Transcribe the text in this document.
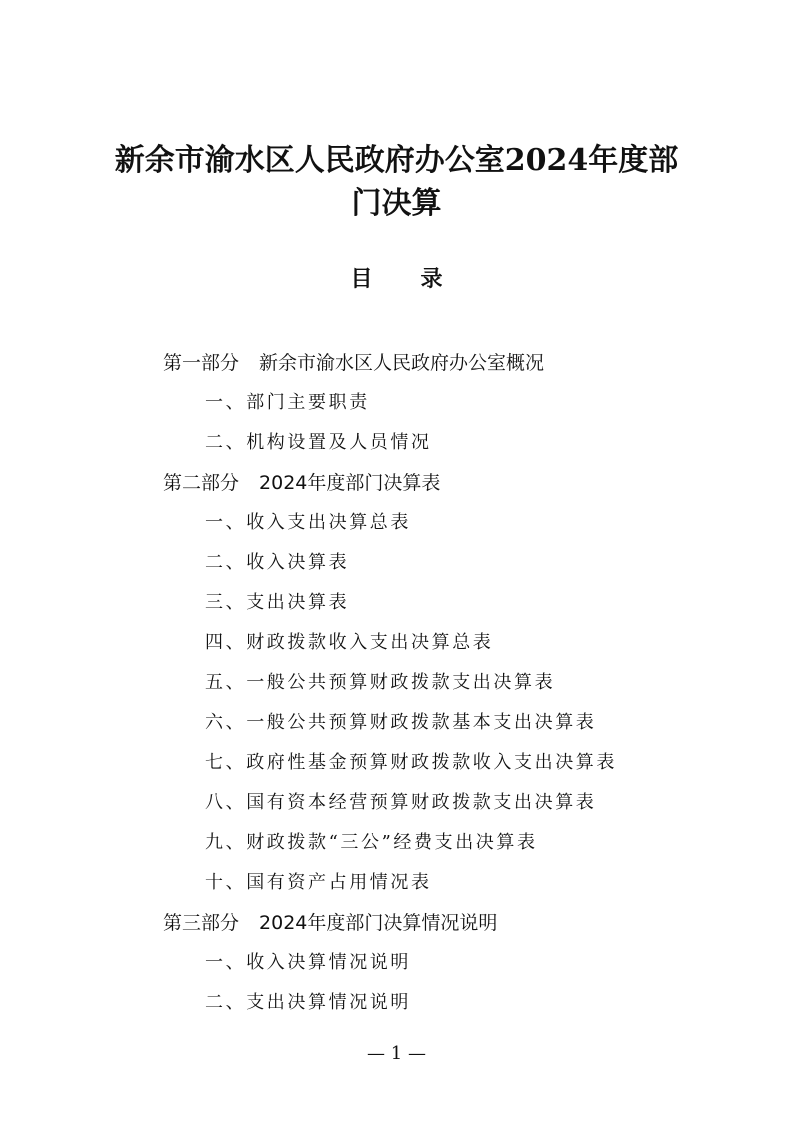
新余市渝水区人民政府办公室2024年度部
门决算
目 录
第一部分 新余市渝水区人民政府办公室概况
一、部门主要职责
二、机构设置及人员情况
第二部分 2024年度部门决算表
一、收入支出决算总表
二、收入决算表
三、支出决算表
四、财政拨款收入支出决算总表
五、一般公共预算财政拨款支出决算表
六、一般公共预算财政拨款基本支出决算表
七、政府性基金预算财政拨款收入支出决算表
八、国有资本经营预算财政拨款支出决算表
九、财政拨款“三公”经费支出决算表
十、国有资产占用情况表
第三部分 2024年度部门决算情况说明
一、收入决算情况说明
二、支出决算情况说明
— 1 —
